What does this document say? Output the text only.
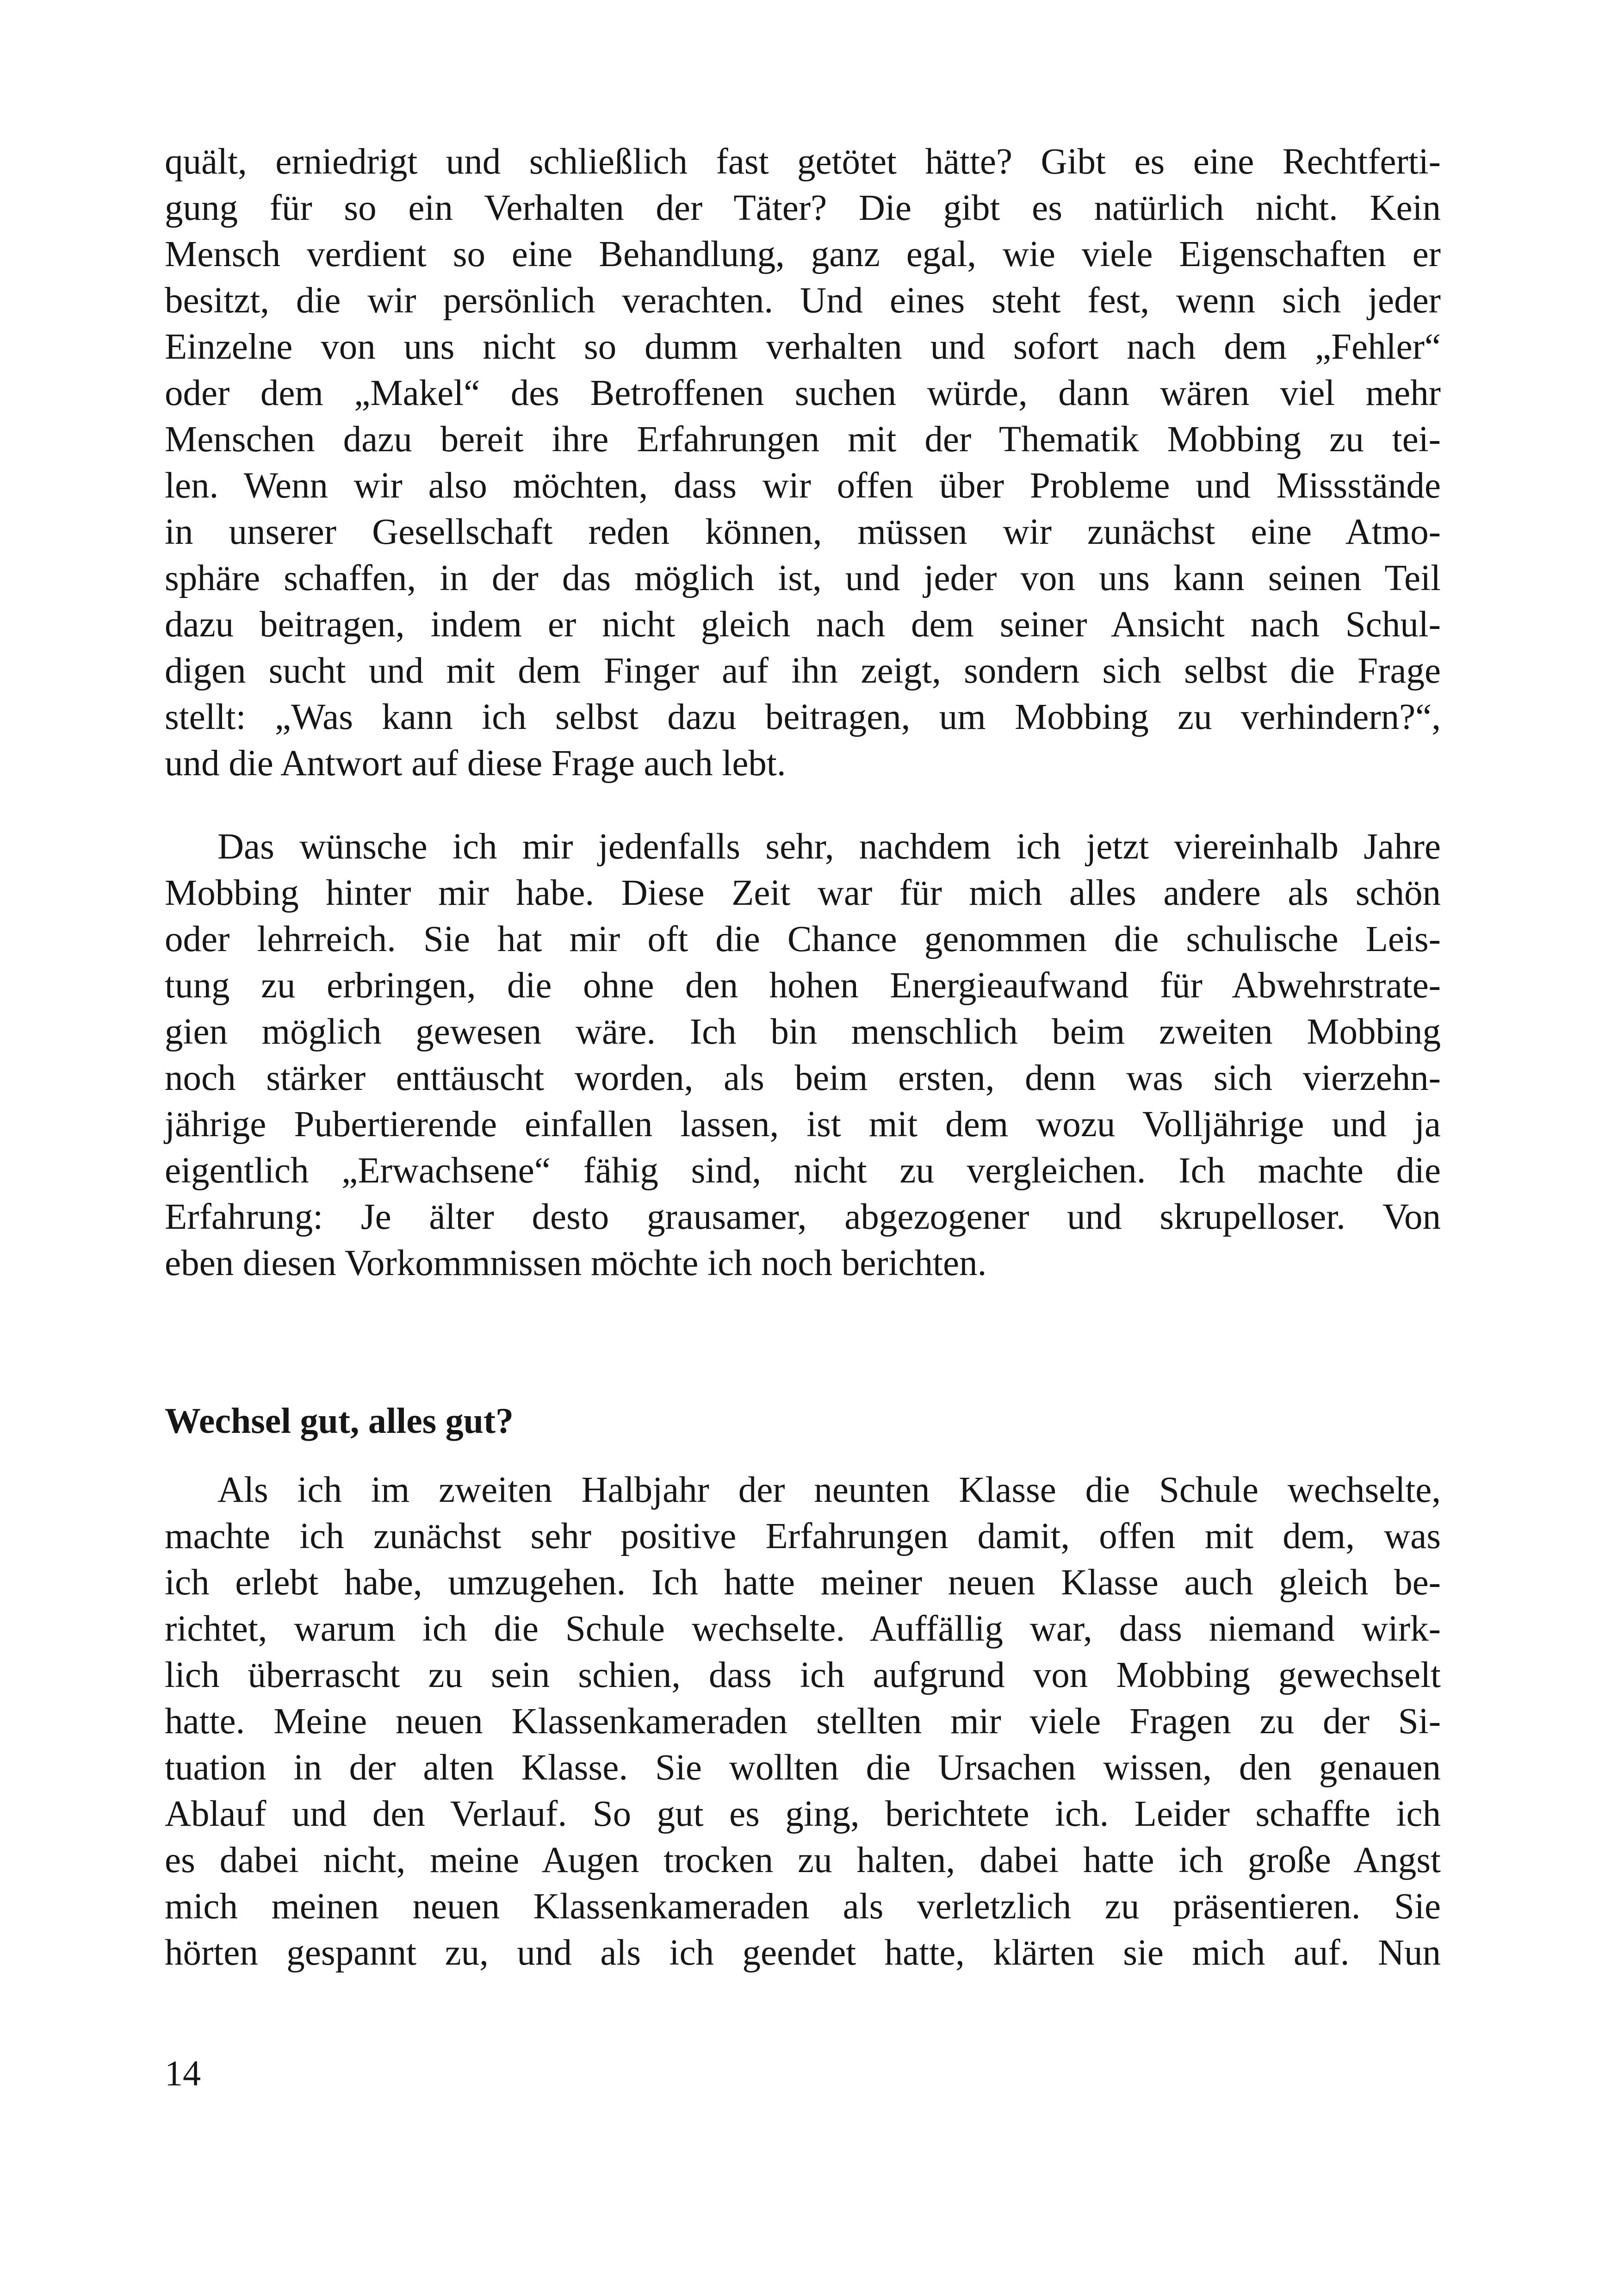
quält, erniedrigt und schließlich fast getötet hätte? Gibt es eine Rechtferti-
gung für so ein Verhalten der Täter? Die gibt es natürlich nicht. Kein
Mensch verdient so eine Behandlung, ganz egal, wie viele Eigenschaften er
besitzt, die wir persönlich verachten. Und eines steht fest, wenn sich jeder
Einzelne von uns nicht so dumm verhalten und sofort nach dem „Fehler“
oder dem „Makel“ des Betroffenen suchen würde, dann wären viel mehr
Menschen dazu bereit ihre Erfahrungen mit der Thematik Mobbing zu tei-
len. Wenn wir also möchten, dass wir offen über Probleme und Missstände
in unserer Gesellschaft reden können, müssen wir zunächst eine Atmo-
sphäre schaffen, in der das möglich ist, und jeder von uns kann seinen Teil
dazu beitragen, indem er nicht gleich nach dem seiner Ansicht nach Schul-
digen sucht und mit dem Finger auf ihn zeigt, sondern sich selbst die Frage
stellt: „Was kann ich selbst dazu beitragen, um Mobbing zu verhindern?“,
und die Antwort auf diese Frage auch lebt.
Das wünsche ich mir jedenfalls sehr, nachdem ich jetzt viereinhalb Jahre
Mobbing hinter mir habe. Diese Zeit war für mich alles andere als schön
oder lehrreich. Sie hat mir oft die Chance genommen die schulische Leis-
tung zu erbringen, die ohne den hohen Energieaufwand für Abwehrstrate-
gien möglich gewesen wäre. Ich bin menschlich beim zweiten Mobbing
noch stärker enttäuscht worden, als beim ersten, denn was sich vierzehn-
jährige Pubertierende einfallen lassen, ist mit dem wozu Volljährige und ja
eigentlich „Erwachsene“ fähig sind, nicht zu vergleichen. Ich machte die
Erfahrung: Je älter desto grausamer, abgezogener und skrupelloser. Von
eben diesen Vorkommnissen möchte ich noch berichten.
Wechsel gut, alles gut?
Als ich im zweiten Halbjahr der neunten Klasse die Schule wechselte,
machte ich zunächst sehr positive Erfahrungen damit, offen mit dem, was
ich erlebt habe, umzugehen. Ich hatte meiner neuen Klasse auch gleich be-
richtet, warum ich die Schule wechselte. Auffällig war, dass niemand wirk-
lich überrascht zu sein schien, dass ich aufgrund von Mobbing gewechselt
hatte. Meine neuen Klassenkameraden stellten mir viele Fragen zu der Si-
tuation in der alten Klasse. Sie wollten die Ursachen wissen, den genauen
Ablauf und den Verlauf. So gut es ging, berichtete ich. Leider schaffte ich
es dabei nicht, meine Augen trocken zu halten, dabei hatte ich große Angst
mich meinen neuen Klassenkameraden als verletzlich zu präsentieren. Sie
hörten gespannt zu, und als ich geendet hatte, klärten sie mich auf. Nun
14
